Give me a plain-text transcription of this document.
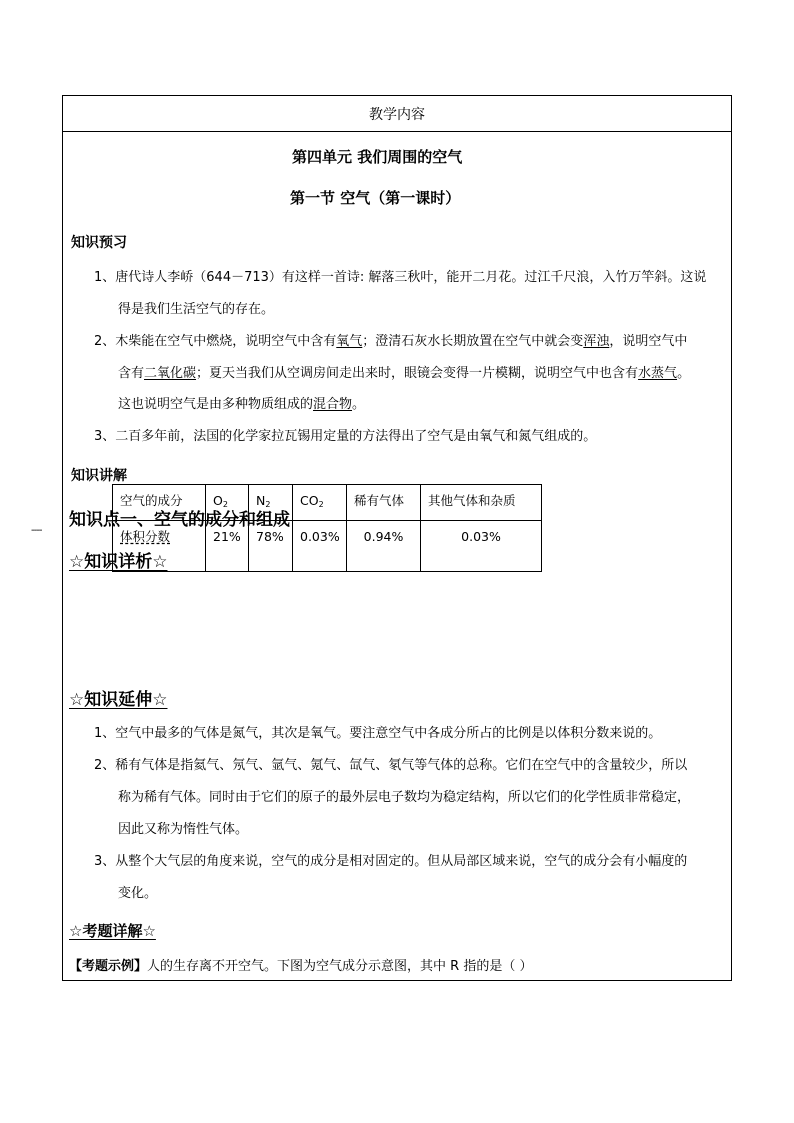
教学内容
第四单元 我们周围的空气
第一节 空气（第一课时）
知识预习
1、唐代诗人李峤（644－713）有这样一首诗: 解落三秋叶，能开二月花。过江千尺浪，入竹万竿斜。这说
得是我们生活空气的存在。
2、木柴能在空气中燃烧，说明空气中含有氧气；澄清石灰水长期放置在空气中就会变浑浊，说明空气中
含有二氧化碳；夏天当我们从空调房间走出来时，眼镜会变得一片模糊，说明空气中也含有水蒸气。
这也说明空气是由多种物质组成的混合物。
3、二百多年前，法国的化学家拉瓦锡用定量的方法得出了空气是由氧气和氮气组成的。
知识讲解
知识点一、空气的成分和组成
☆知识详析☆
----
空气的成分	$O_2$	$N_2$	$CO_2$	稀有气体	其他气体和杂质
体积分数	21%	78%	0.03%	0.94%	0.03%
☆知识延伸☆
1、空气中最多的气体是氮气，其次是氧气。要注意空气中各成分所占的比例是以体积分数来说的。
2、稀有气体是指氦气、氖气、氩气、氪气、氙气、氡气等气体的总称。它们在空气中的含量较少，所以
称为稀有气体。同时由于它们的原子的最外层电子数均为稳定结构，所以它们的化学性质非常稳定，
因此又称为惰性气体。
3、从整个大气层的角度来说，空气的成分是相对固定的。但从局部区域来说，空气的成分会有小幅度的
变化。
☆考题详解☆
【考题示例】人的生存离不开空气。下图为空气成分示意图，其中 R 指的是（ ）
